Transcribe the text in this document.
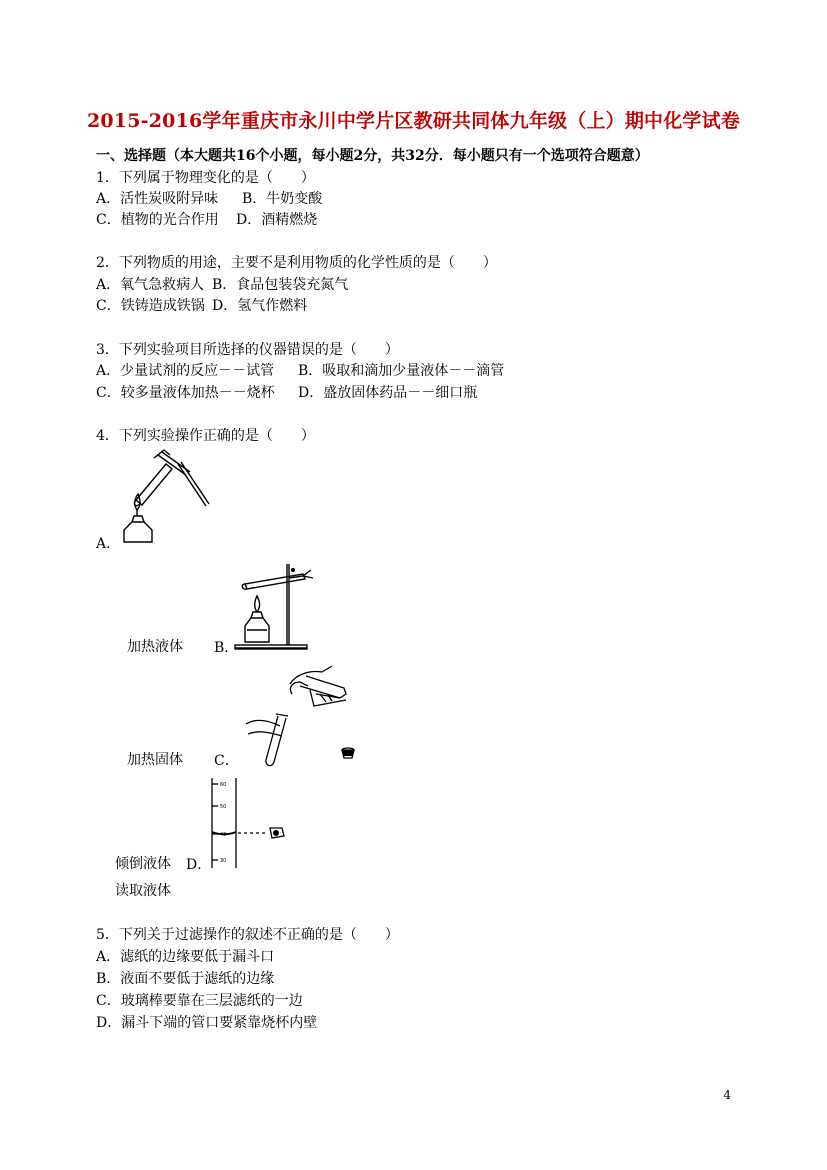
2015-2016学年重庆市永川中学片区教研共同体九年级（上）期中化学试卷
一、选择题（本大题共16个小题，每小题2分，共32分．每小题只有一个选项符合题意）
1．下列属于物理变化的是（　　）
A．活性炭吸附异味 B．牛奶变酸
C．植物的光合作用 D．酒精燃烧
2．下列物质的用途，主要不是利用物质的化学性质的是（　　）
A．氧气急救病人 B．食品包装袋充氮气
C．铁铸造成铁锅 D．氢气作燃料
3．下列实验项目所选择的仪器错误的是（　　）
A．少量试剂的反应－－试管 B．吸取和滴加少量液体－－滴管
C．较多量液体加热－－烧杯 D．盛放固体药品－－细口瓶
4．下列实验操作正确的是（　　）
A．
加热液体 B．
加热固体 C．
60
50
40
30
倾倒液体 D．
读取液体
5．下列关于过滤操作的叙述不正确的是（　　）
A．滤纸的边缘要低于漏斗口
B．液面不要低于滤纸的边缘
C．玻璃棒要靠在三层滤纸的一边
D．漏斗下端的管口要紧靠烧杯内壁
4
